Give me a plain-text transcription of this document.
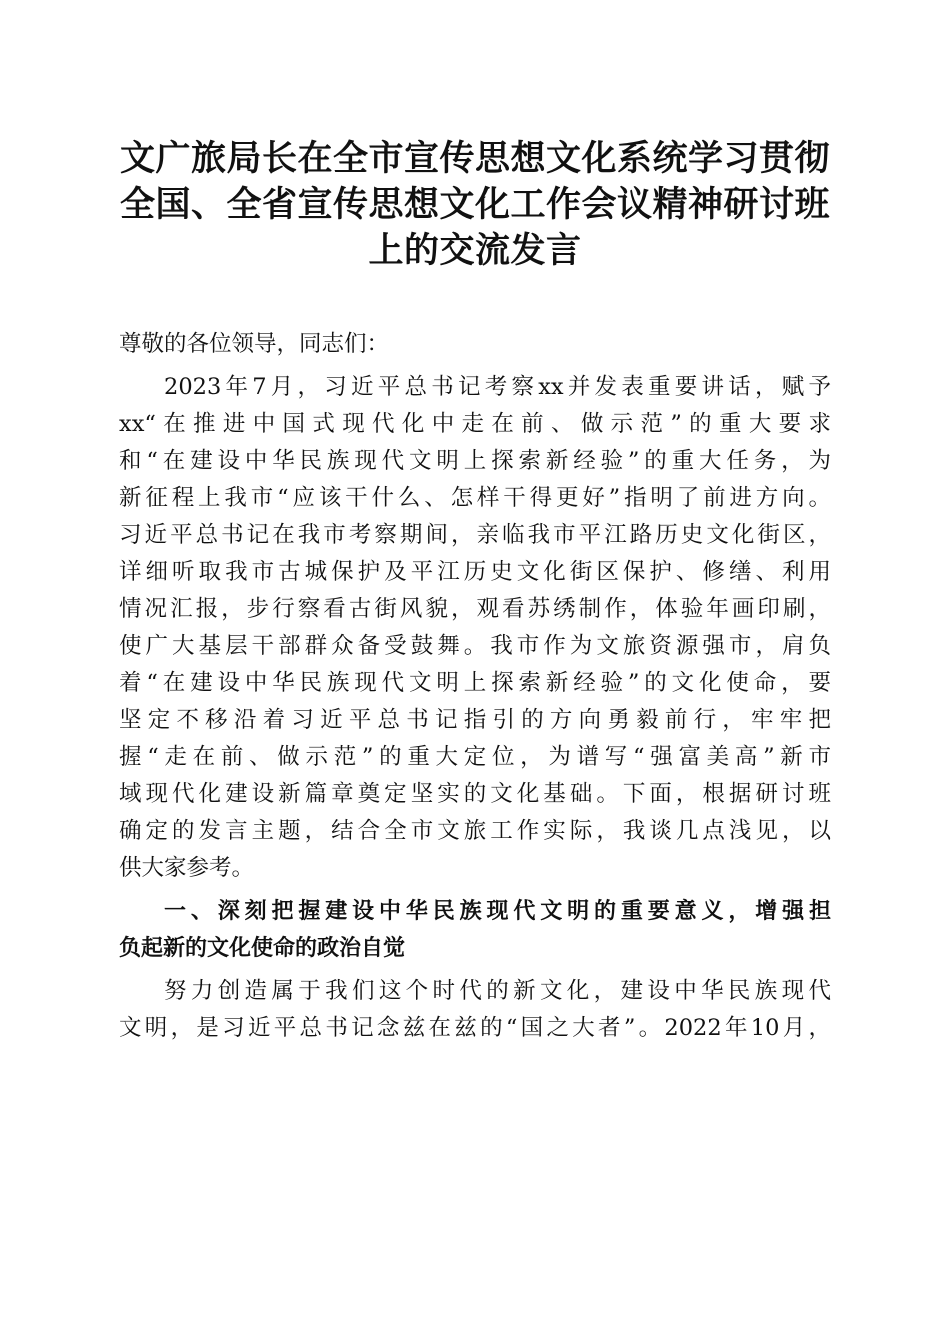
文广旅局长在全市宣传思想文化系统学习贯彻
全国、全省宣传思想文化工作会议精神研讨班
上的交流发言
尊敬的各位领导，同志们：

2023年7月，习近平总书记考察xx并发表重要讲话，赋予
xx“在推进中国式现代化中走在前、做示范”的重大要求
和“在建设中华民族现代文明上探索新经验”的重大任务，为
新征程上我市“应该干什么、怎样干得更好”指明了前进方向。
习近平总书记在我市考察期间，亲临我市平江路历史文化街区，
详细听取我市古城保护及平江历史文化街区保护、修缮、利用
情况汇报，步行察看古街风貌，观看苏绣制作，体验年画印刷，
使广大基层干部群众备受鼓舞。我市作为文旅资源强市，肩负
着“在建设中华民族现代文明上探索新经验”的文化使命，要
坚定不移沿着习近平总书记指引的方向勇毅前行，牢牢把
握“走在前、做示范”的重大定位，为谱写“强富美高”新市
域现代化建设新篇章奠定坚实的文化基础。下面，根据研讨班
确定的发言主题，结合全市文旅工作实际，我谈几点浅见，以
供大家参考。

一、深刻把握建设中华民族现代文明的重要意义，增强担
负起新的文化使命的政治自觉

努力创造属于我们这个时代的新文化，建设中华民族现代
文明，是习近平总书记念兹在兹的“国之大者”。2022年10月，
